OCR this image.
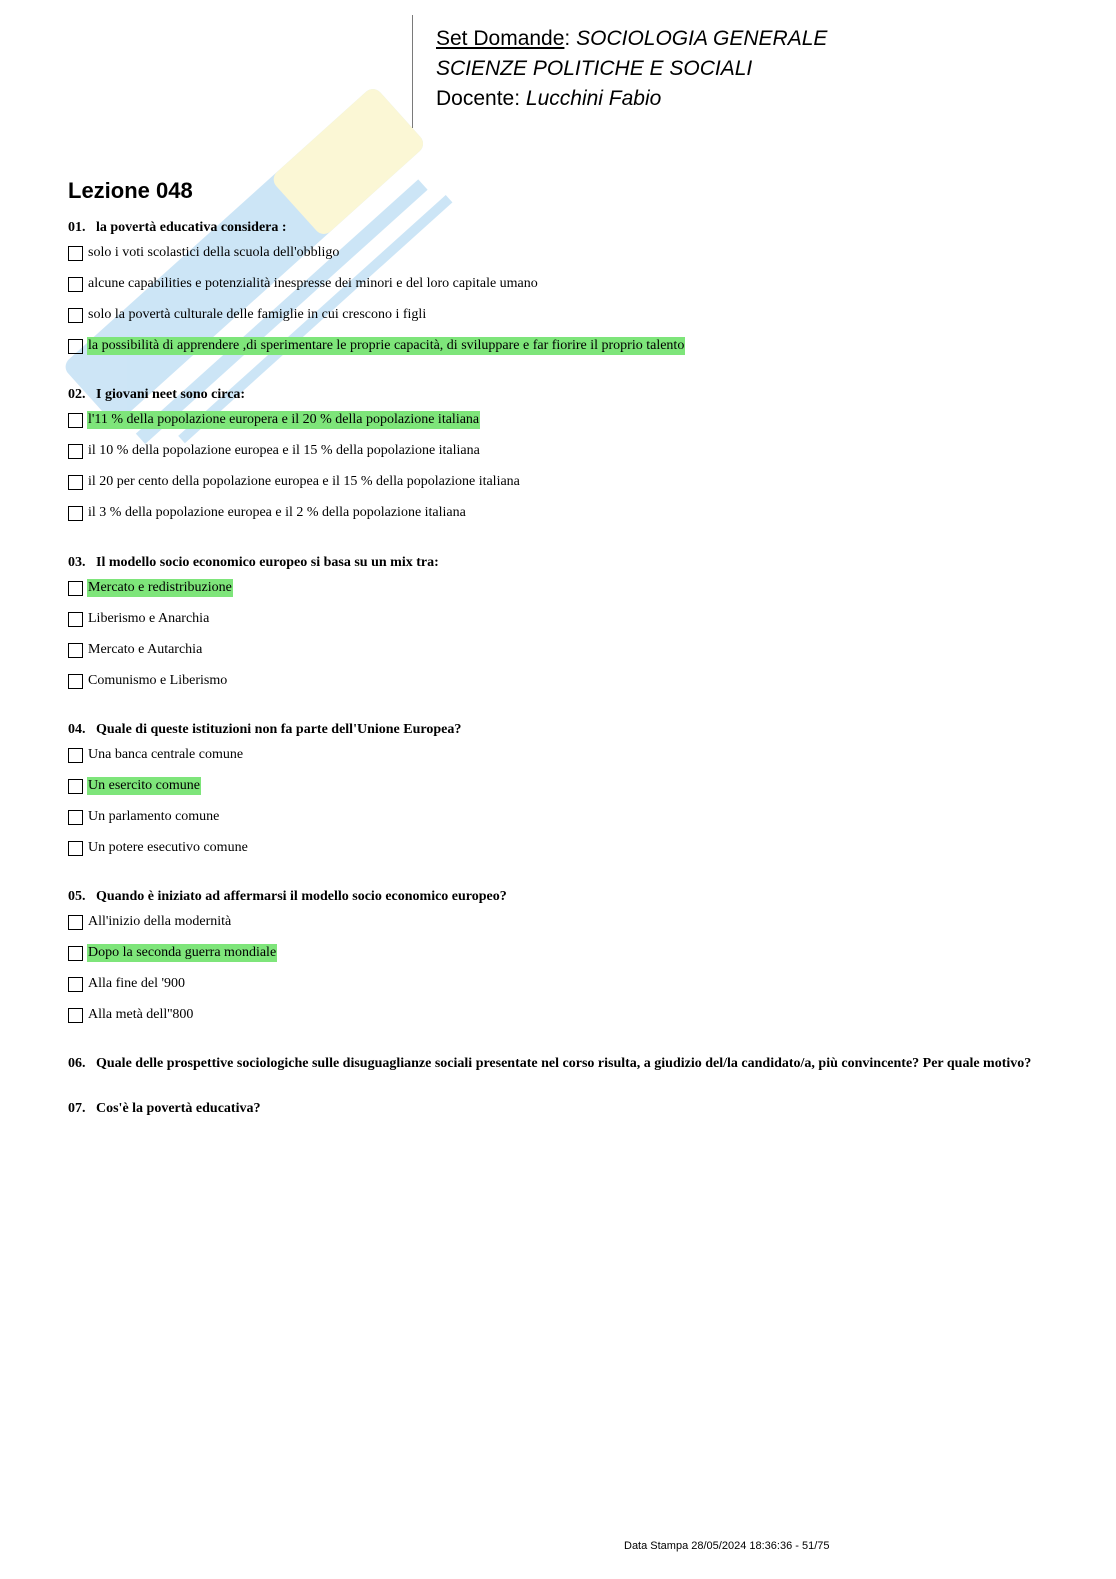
Set Domande: SOCIOLOGIA GENERALE
SCIENZE POLITICHE E SOCIALI
Docente: Lucchini Fabio
Lezione 048
01. la povertà educativa considera :
solo i voti scolastici della scuola dell'obbligo
alcune capabilities e potenzialità inespresse dei minori e del loro capitale umano
solo la povertà culturale delle famiglie in cui crescono i figli
la possibilità di apprendere ,di sperimentare le proprie capacità, di sviluppare e far fiorire il proprio talento
02. I giovani neet sono circa:
l'11 % della popolazione europera e il 20 % della popolazione italiana
il 10 % della popolazione europea e il 15 % della popolazione italiana
il 20 per cento della popolazione europea e il 15 % della popolazione italiana
il 3 % della popolazione europea e il 2 % della popolazione italiana
03. Il modello socio economico europeo si basa su un mix tra:
Mercato e redistribuzione
Liberismo e Anarchia
Mercato e Autarchia
Comunismo e Liberismo
04. Quale di queste istituzioni non fa parte dell'Unione Europea?
Una banca centrale comune
Un esercito comune
Un parlamento comune
Un potere esecutivo comune
05. Quando è iniziato ad affermarsi il modello socio economico europeo?
All'inizio della modernità
Dopo la seconda guerra mondiale
Alla fine del '900
Alla metà dell''800
06. Quale delle prospettive sociologiche sulle disuguaglianze sociali presentate nel corso risulta, a giudizio del/la candidato/a, più convincente? Per quale motivo?
07. Cos'è la povertà educativa?
Data Stampa 28/05/2024 18:36:36 - 51/75
